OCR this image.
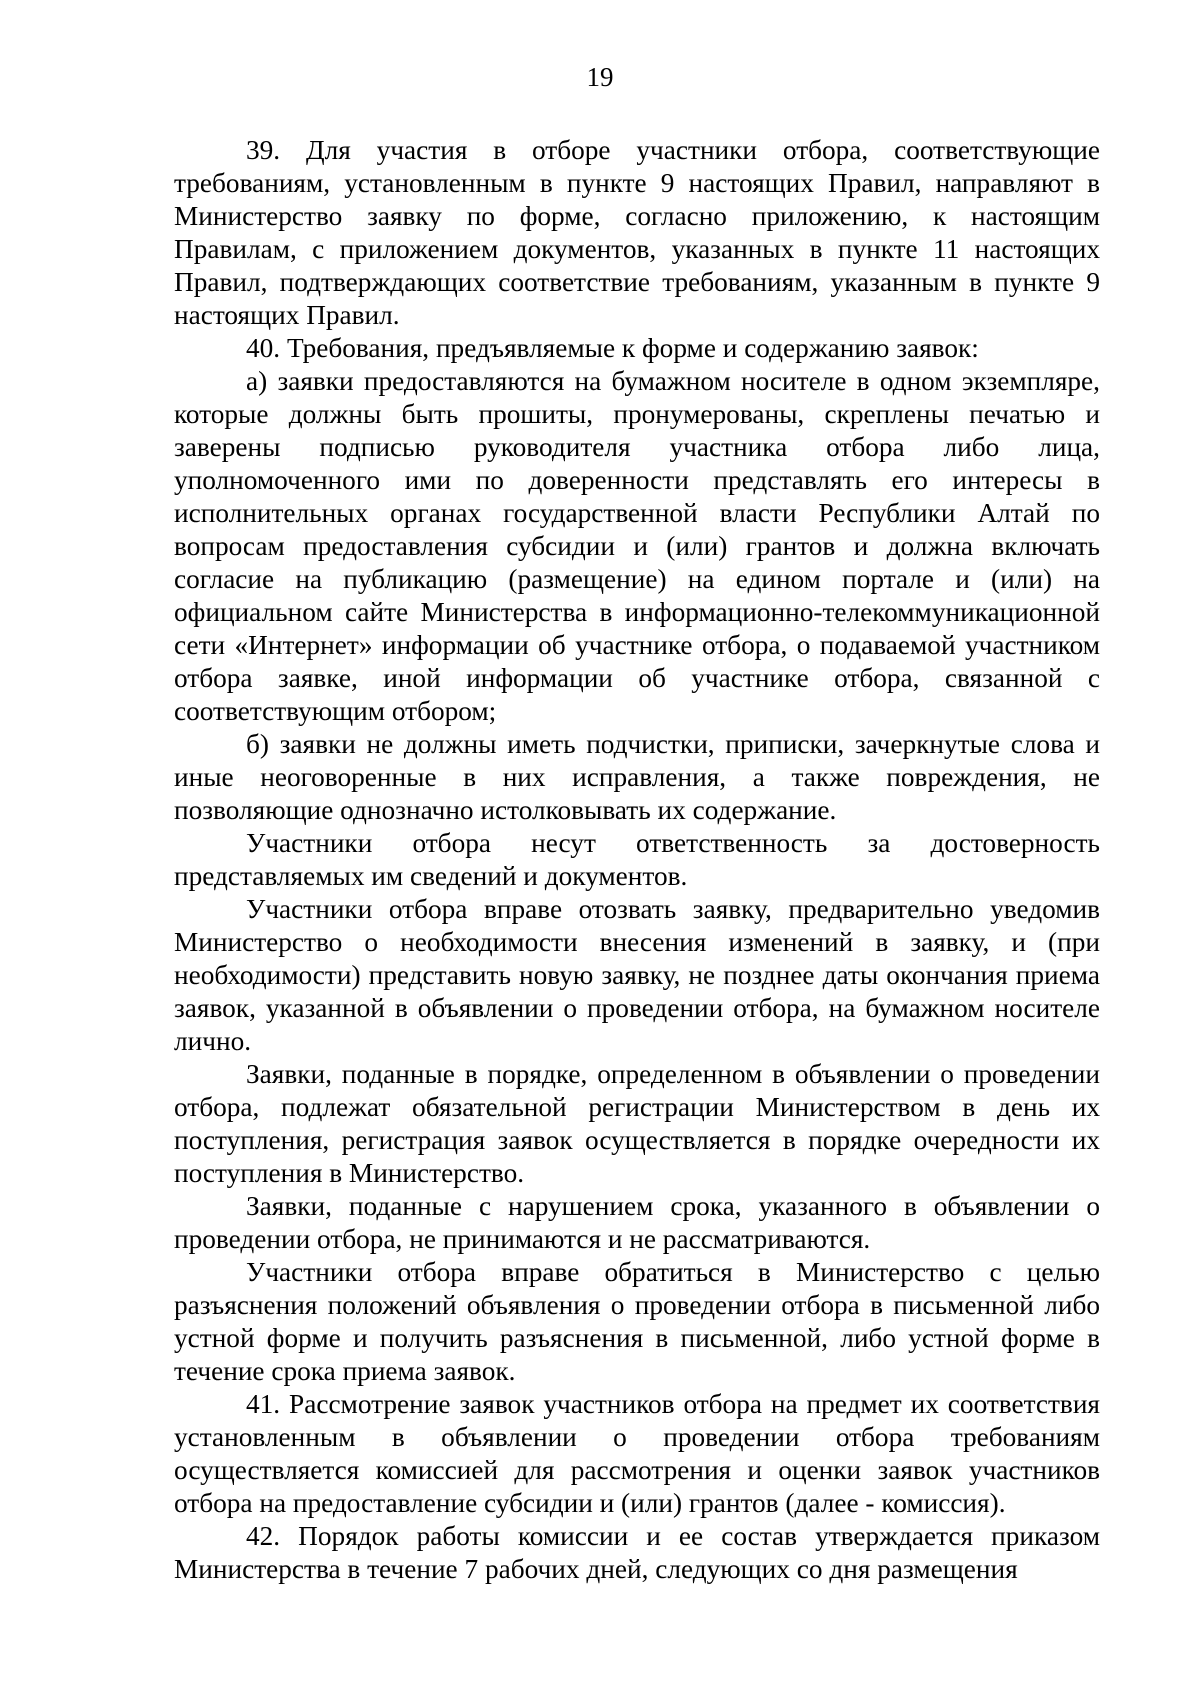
19

39. Для участия в отборе участники отбора, соответствующие требованиям, установленным в пункте 9 настоящих Правил, направляют в Министерство заявку по форме, согласно приложению, к настоящим Правилам, с приложением документов, указанных в пункте 11 настоящих Правил, подтверждающих соответствие требованиям, указанным в пункте 9 настоящих Правил.

40. Требования, предъявляемые к форме и содержанию заявок:

а) заявки предоставляются на бумажном носителе в одном экземпляре, которые должны быть прошиты, пронумерованы, скреплены печатью и заверены подписью руководителя участника отбора либо лица, уполномоченного ими по доверенности представлять его интересы в исполнительных органах государственной власти Республики Алтай по вопросам предоставления субсидии и (или) грантов и должна включать согласие на публикацию (размещение) на едином портале и (или) на официальном сайте Министерства в информационно-телекоммуникационной сети «Интернет» информации об участнике отбора, о подаваемой участником отбора заявке, иной информации об участнике отбора, связанной с соответствующим отбором;

б) заявки не должны иметь подчистки, приписки, зачеркнутые слова и иные неоговоренные в них исправления, а также повреждения, не позволяющие однозначно истолковывать их содержание.

Участники отбора несут ответственность за достоверность представляемых им сведений и документов.

Участники отбора вправе отозвать заявку, предварительно уведомив Министерство о необходимости внесения изменений в заявку, и (при необходимости) представить новую заявку, не позднее даты окончания приема заявок, указанной в объявлении о проведении отбора, на бумажном носителе лично.

Заявки, поданные в порядке, определенном в объявлении о проведении отбора, подлежат обязательной регистрации Министерством в день их поступления, регистрация заявок осуществляется в порядке очередности их поступления в Министерство.

Заявки, поданные с нарушением срока, указанного в объявлении о проведении отбора, не принимаются и не рассматриваются.

Участники отбора вправе обратиться в Министерство с целью разъяснения положений объявления о проведении отбора в письменной либо устной форме и получить разъяснения в письменной, либо устной форме в течение срока приема заявок.

41. Рассмотрение заявок участников отбора на предмет их соответствия установленным в объявлении о проведении отбора требованиям осуществляется комиссией для рассмотрения и оценки заявок участников отбора на предоставление субсидии и (или) грантов (далее - комиссия).

42. Порядок работы комиссии и ее состав утверждается приказом Министерства в течение 7 рабочих дней, следующих со дня размещения
